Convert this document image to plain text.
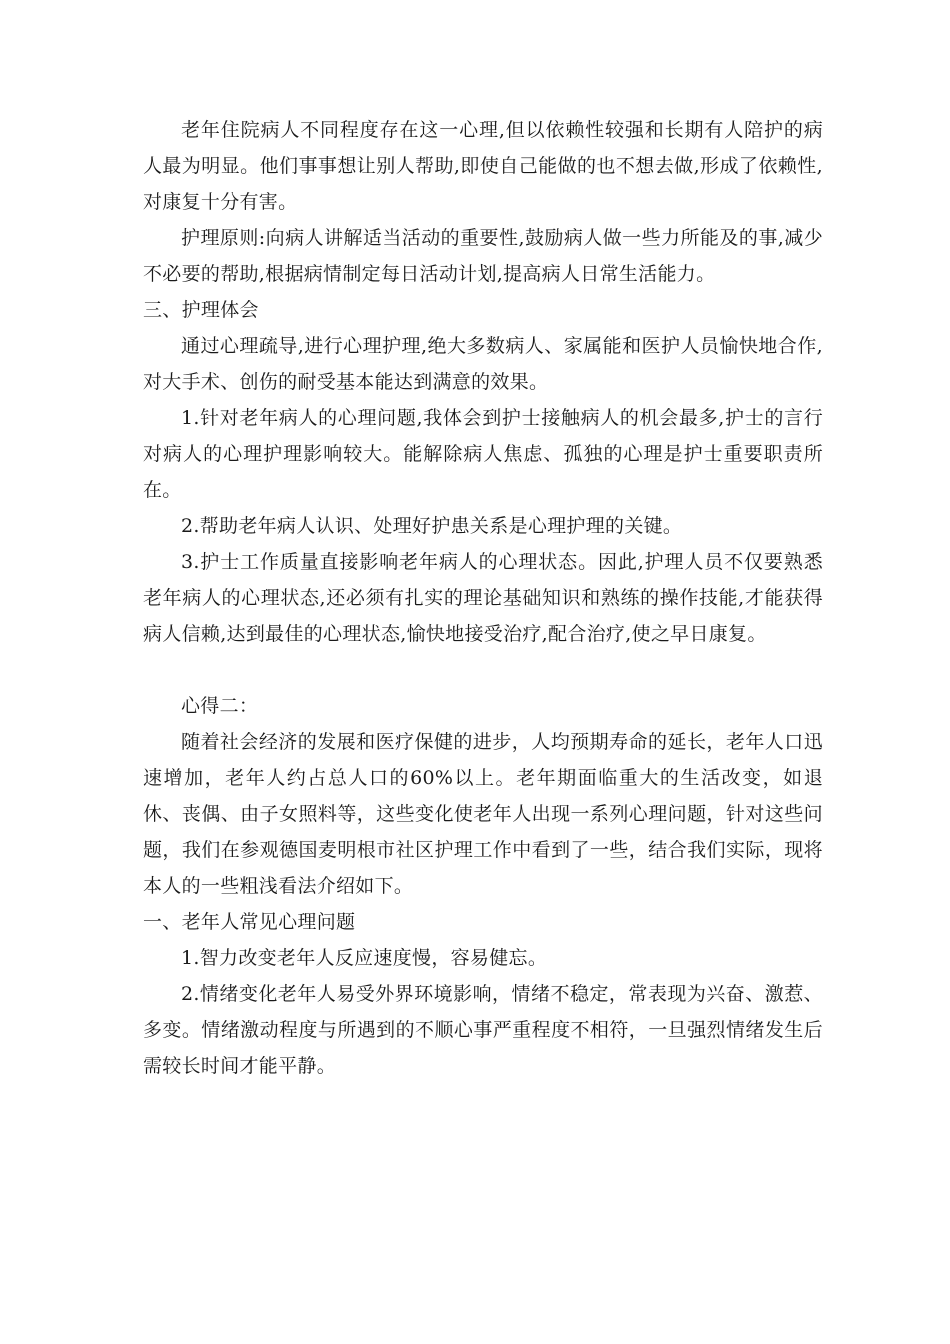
老年住院病人不同程度存在这一心理,但以依赖性较强和长期有人陪护的病人最为明显。他们事事想让别人帮助,即使自己能做的也不想去做,形成了依赖性,对康复十分有害。

护理原则:向病人讲解适当活动的重要性,鼓励病人做一些力所能及的事,减少不必要的帮助,根据病情制定每日活动计划,提高病人日常生活能力。

三、护理体会

通过心理疏导,进行心理护理,绝大多数病人、家属能和医护人员愉快地合作,对大手术、创伤的耐受基本能达到满意的效果。

1.针对老年病人的心理问题,我体会到护士接触病人的机会最多,护士的言行对病人的心理护理影响较大。能解除病人焦虑、孤独的心理是护士重要职责所在。

2.帮助老年病人认识、处理好护患关系是心理护理的关键。

3.护士工作质量直接影响老年病人的心理状态。因此,护理人员不仅要熟悉老年病人的心理状态,还必须有扎实的理论基础知识和熟练的操作技能,才能获得病人信赖,达到最佳的心理状态,愉快地接受治疗,配合治疗,使之早日康复。

心得二：

随着社会经济的发展和医疗保健的进步，人均预期寿命的延长，老年人口迅速增加，老年人约占总人口的60%以上。老年期面临重大的生活改变，如退休、丧偶、由子女照料等，这些变化使老年人出现一系列心理问题，针对这些问题，我们在参观德国麦明根市社区护理工作中看到了一些，结合我们实际，现将本人的一些粗浅看法介绍如下。

一、老年人常见心理问题

1.智力改变老年人反应速度慢，容易健忘。

2.情绪变化老年人易受外界环境影响，情绪不稳定，常表现为兴奋、激惹、多变。情绪激动程度与所遇到的不顺心事严重程度不相符，一旦强烈情绪发生后需较长时间才能平静。
